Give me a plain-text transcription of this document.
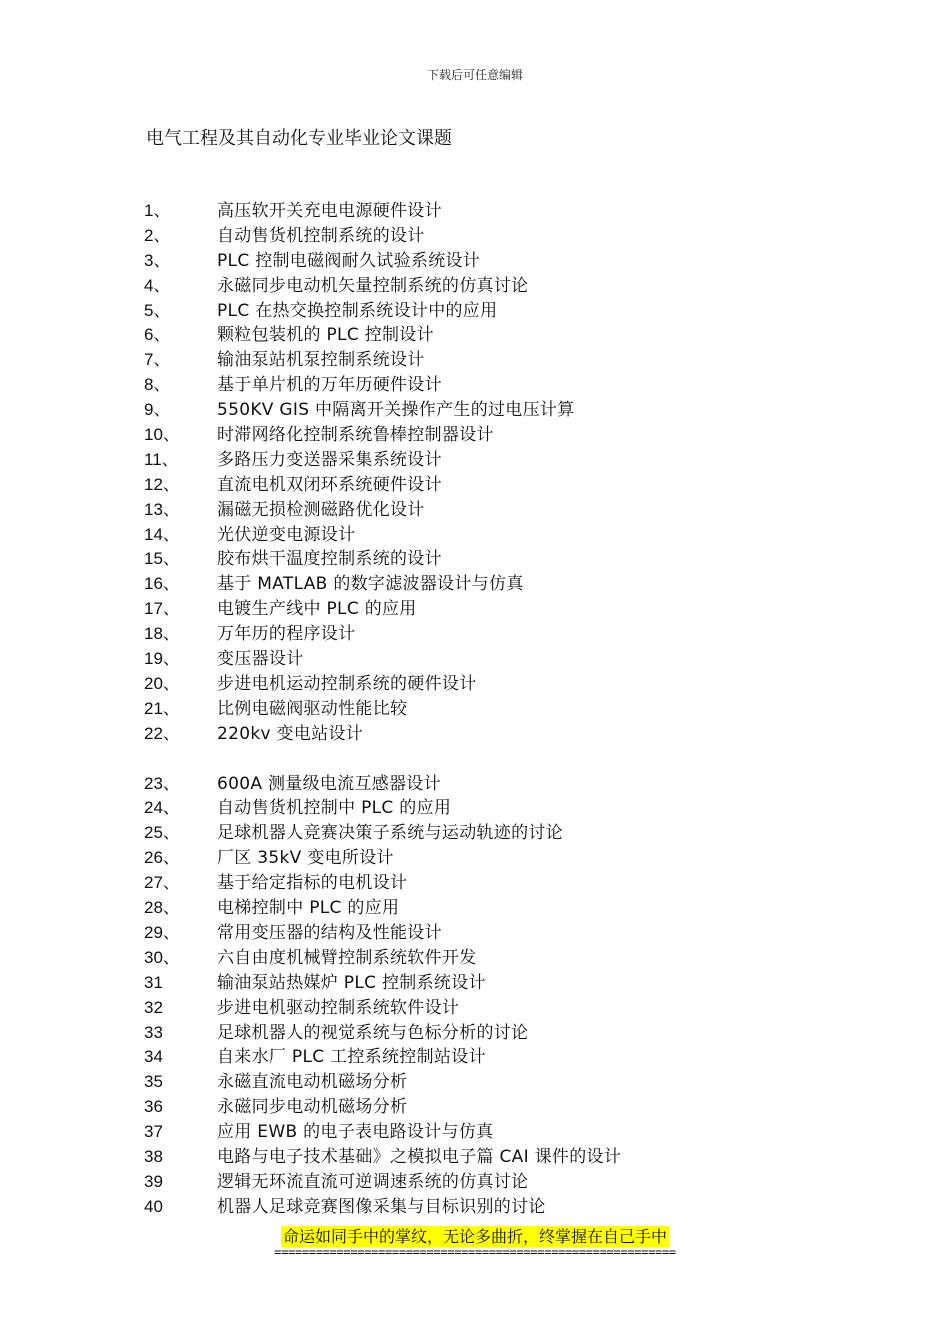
下载后可任意编辑
电气工程及其自动化专业毕业论文课题
1、	高压软开关充电电源硬件设计
2、	自动售货机控制系统的设计
3、	PLC 控制电磁阀耐久试验系统设计
4、	永磁同步电动机矢量控制系统的仿真讨论
5、	PLC 在热交换控制系统设计中的应用
6、	颗粒包装机的 PLC 控制设计
7、	输油泵站机泵控制系统设计
8、	基于单片机的万年历硬件设计
9、	550KV GIS 中隔离开关操作产生的过电压计算
10、	时滞网络化控制系统鲁棒控制器设计
11、	多路压力变送器采集系统设计
12、	直流电机双闭环系统硬件设计
13、	漏磁无损检测磁路优化设计
14、	光伏逆变电源设计
15、	胶布烘干温度控制系统的设计
16、	基于 MATLAB 的数字滤波器设计与仿真
17、	电镀生产线中 PLC 的应用
18、	万年历的程序设计
19、	变压器设计
20、	步进电机运动控制系统的硬件设计
21、	比例电磁阀驱动性能比较
22、	220kv 变电站设计
23、	600A 测量级电流互感器设计
24、	自动售货机控制中 PLC 的应用
25、	足球机器人竞赛决策子系统与运动轨迹的讨论
26、	厂区 35kV 变电所设计
27、	基于给定指标的电机设计
28、	电梯控制中 PLC 的应用
29、	常用变压器的结构及性能设计
30、	六自由度机械臂控制系统软件开发
31	输油泵站热媒炉 PLC 控制系统设计
32	步进电机驱动控制系统软件设计
33	足球机器人的视觉系统与色标分析的讨论
34	自来水厂 PLC 工控系统控制站设计
35	永磁直流电动机磁场分析
36	永磁同步电动机磁场分析
37	应用 EWB 的电子表电路设计与仿真
38	电路与电子技术基础》之模拟电子篇 CAI 课件的设计
39	逻辑无环流直流可逆调速系统的仿真讨论
40	机器人足球竞赛图像采集与目标识别的讨论
命运如同手中的掌纹，无论多曲折，终掌握在自己手中
==========================================================
